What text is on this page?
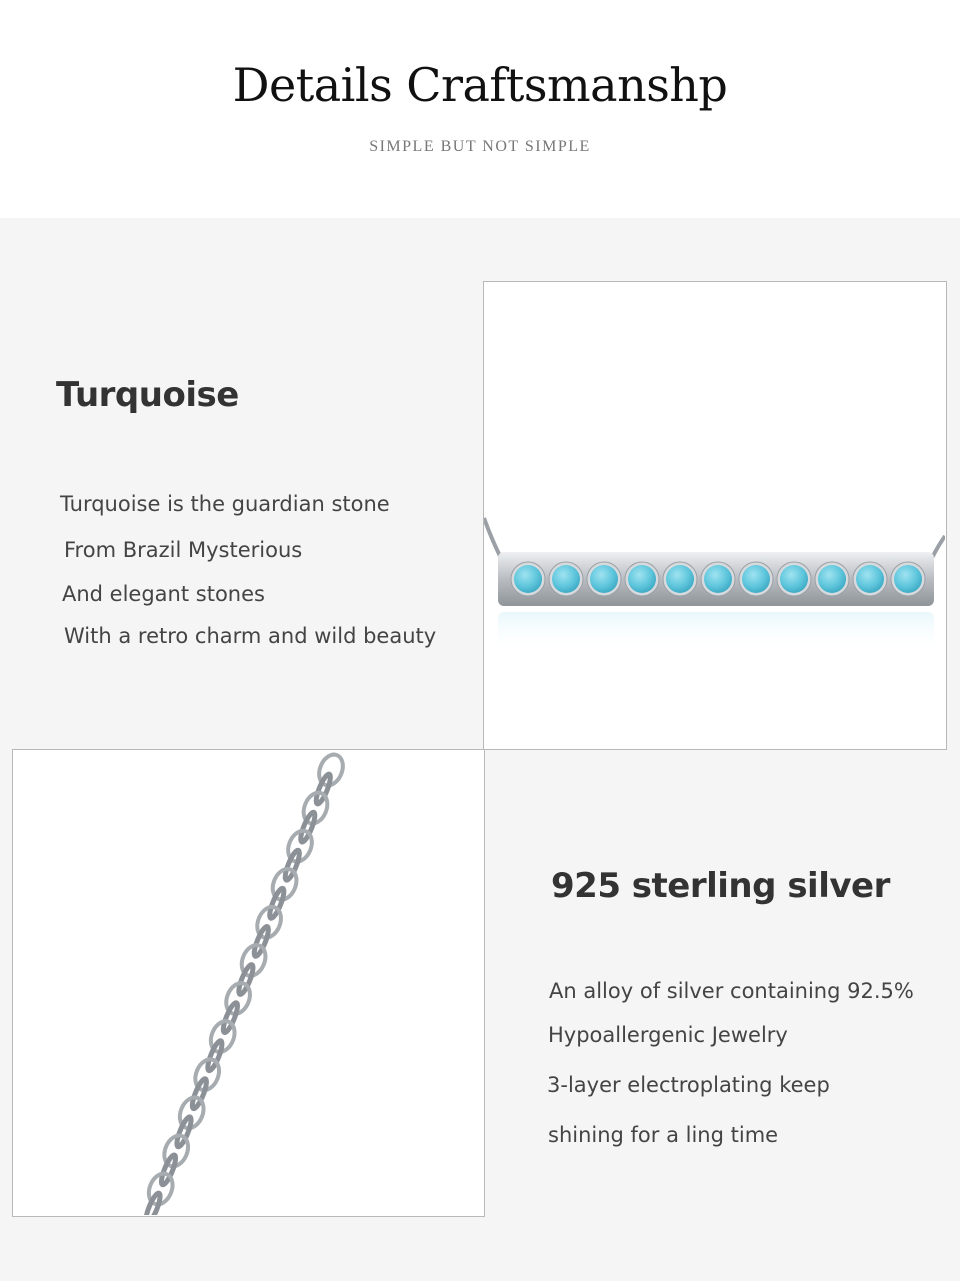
Details Craftsmanshp
SIMPLE BUT NOT SIMPLE
Turquoise
Turquoise is the guardian stone
From Brazil Mysterious
And elegant stones
With a retro charm and wild beauty
925 sterling silver
An alloy of silver containing 92.5%
Hypoallergenic Jewelry
3-layer electroplating keep
shining for a ling time
